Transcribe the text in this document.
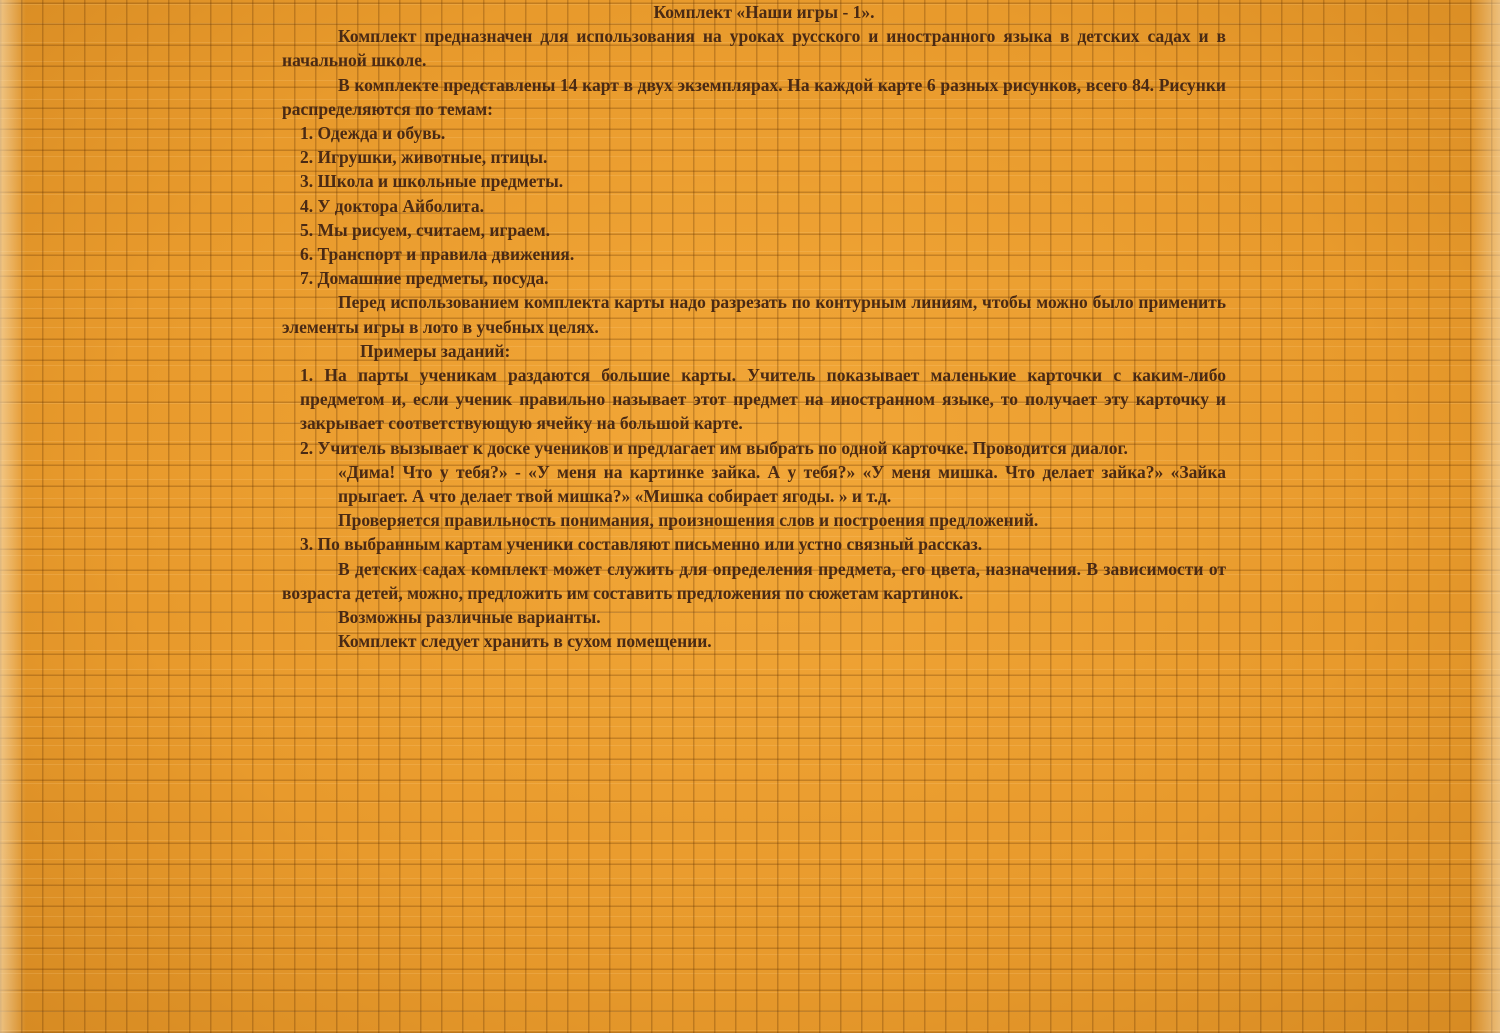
Комплект «Наши игры - 1».

Комплект предназначен для использования на уроках русского и иностранного языка в детских садах и в начальной школе.

В комплекте представлены 14 карт в двух экземплярах. На каждой карте 6 разных рисунков, всего 84. Рисунки распределяются по темам:

1. Одежда и обувь.

2. Игрушки, животные, птицы.

3. Школа и школьные предметы.

4. У доктора Айболита.

5. Мы рисуем, считаем, играем.

6. Транспорт и правила движения.

7. Домашние предметы, посуда.

Перед использованием комплекта карты надо разрезать по контурным линиям, чтобы можно было применить элементы игры в лото в учебных целях.

Примеры заданий:

1. На парты ученикам раздаются большие карты. Учитель показывает маленькие карточки с каким-либо предметом и, если ученик правильно называет этот предмет на иностранном языке, то получает эту карточку и закрывает соответствующую ячейку на большой карте.

2. Учитель вызывает к доске учеников и предлагает им выбрать по одной карточке. Проводится диалог.

«Дима! Что у тебя?» - «У меня на картинке зайка. А у тебя?» «У меня мишка. Что делает зайка?» «Зайка прыгает. А что делает твой мишка?» «Мишка собирает ягоды. » и т.д.

Проверяется правильность понимания, произношения слов и построения предложений.

3. По выбранным картам ученики составляют письменно или устно связный рассказ.

В детских садах комплект может служить для определения предмета, его цвета, назначения. В зависимости от возраста детей, можно, предложить им составить предложения по сюжетам картинок.

Возможны различные варианты.

Комплект следует хранить в сухом помещении.
